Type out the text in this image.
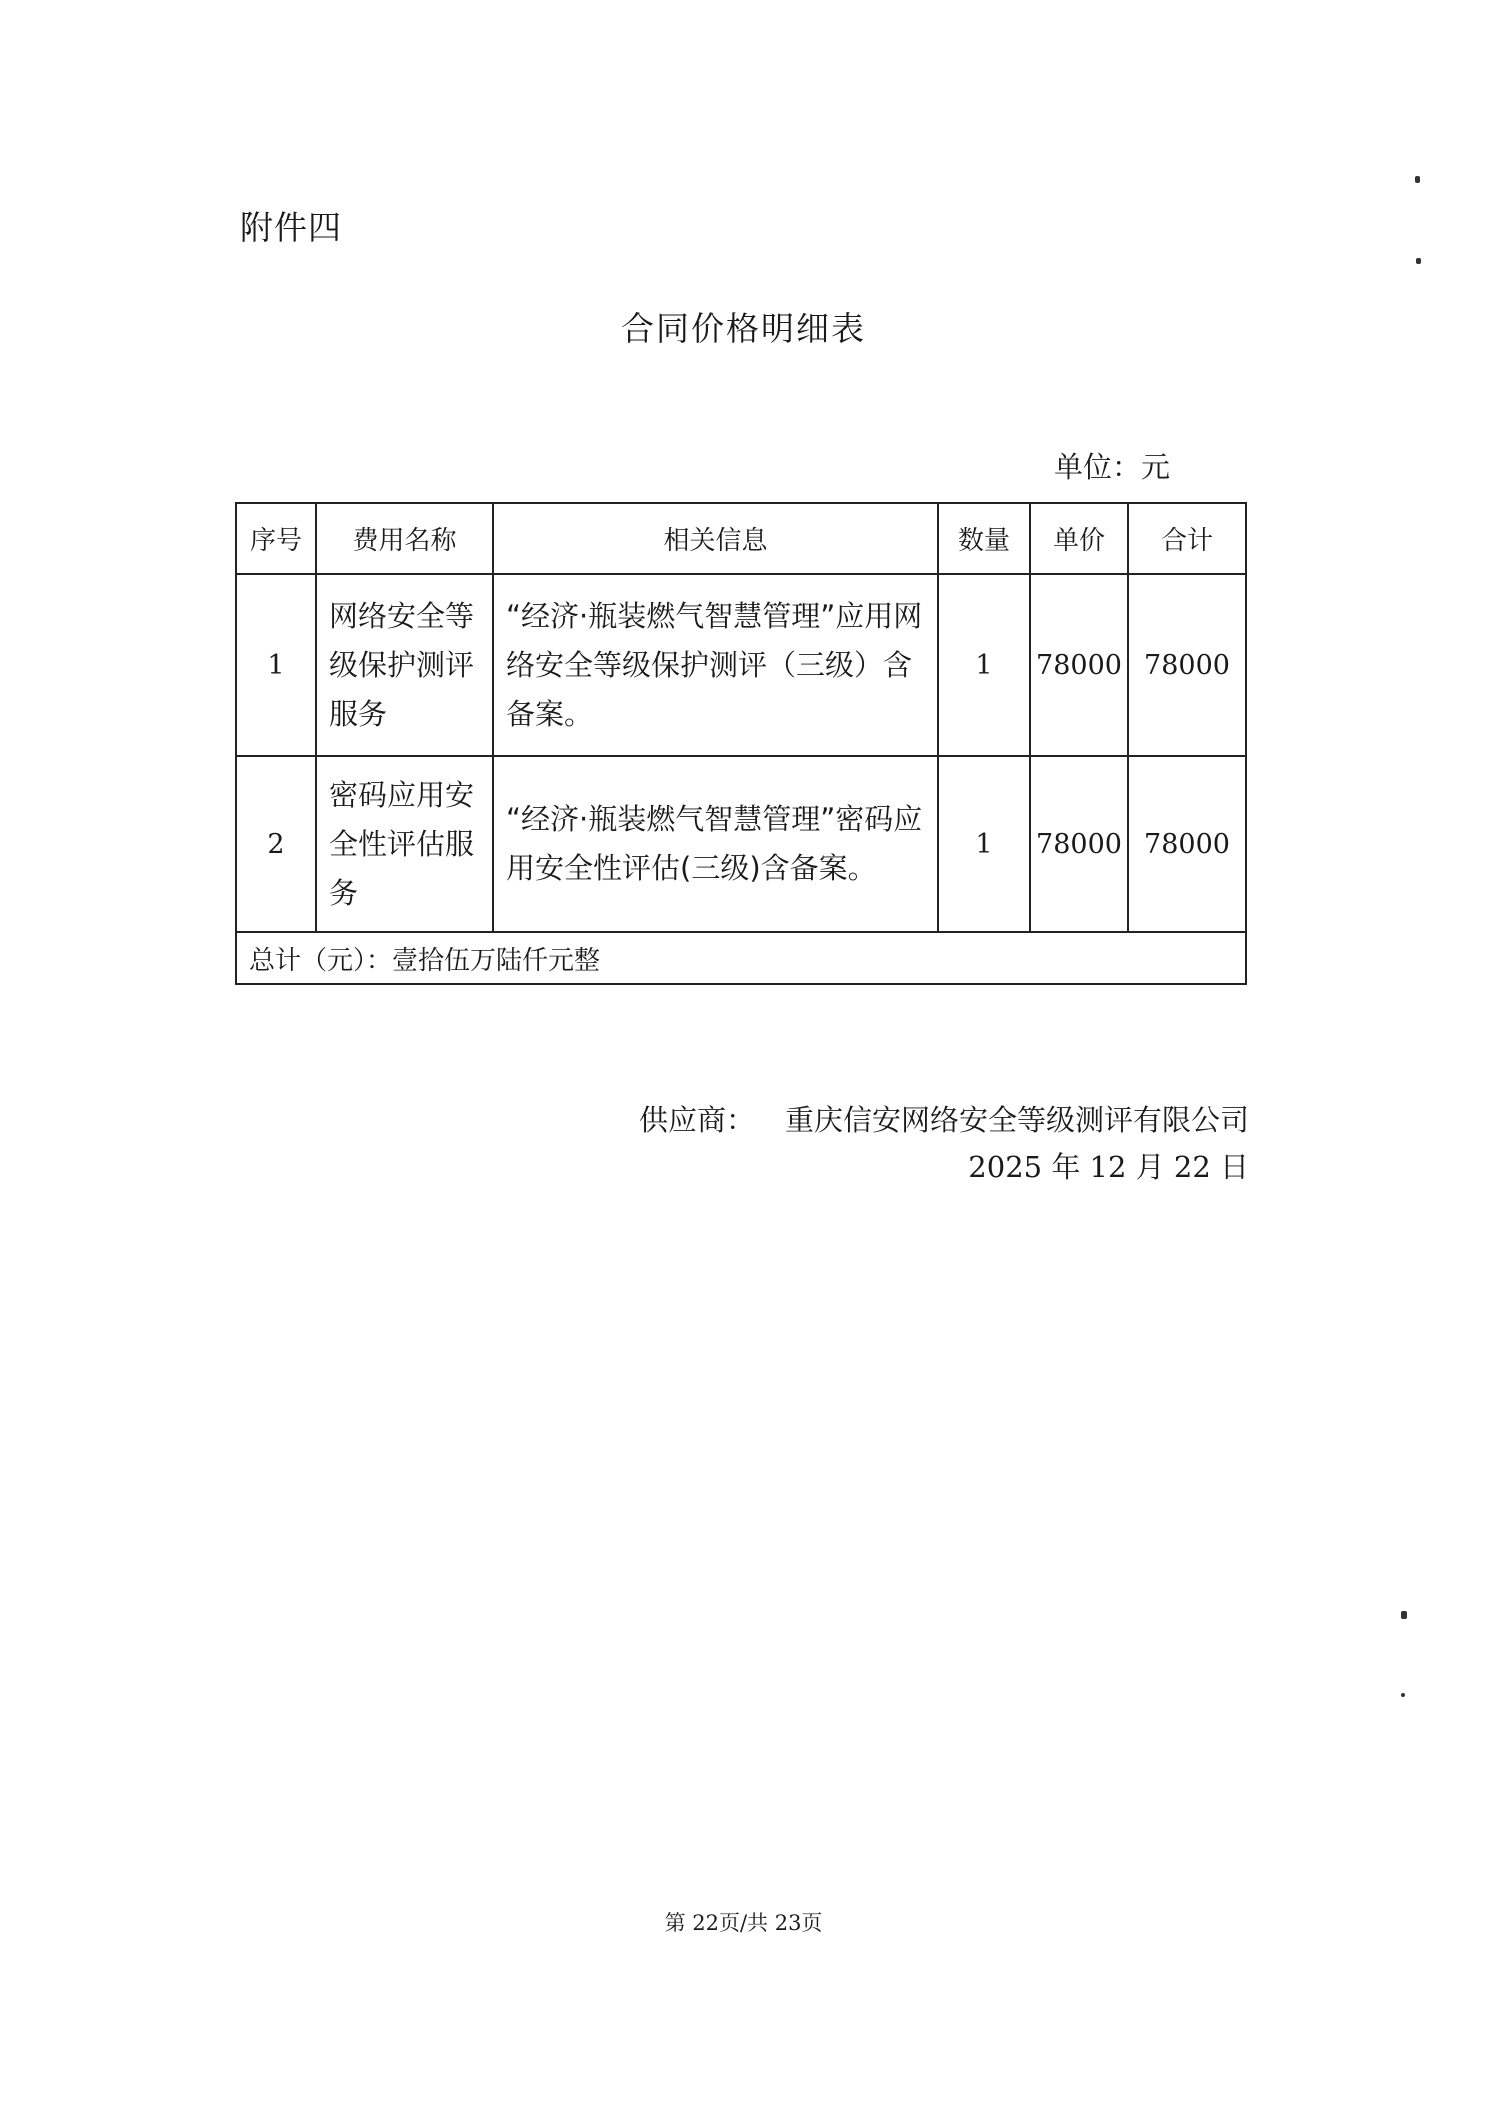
附件四
合同价格明细表
单位：元
序号	费用名称	相关信息	数量	单价	合计
1	网络安全等级保护测评服务	“经济·瓶装燃气智慧管理”应用网络安全等级保护测评（三级）含备案。	1	78000	78000
2	密码应用安全性评估服务	“经济·瓶装燃气智慧管理”密码应用安全性评估(三级)含备案。	1	78000	78000
总计（元）：壹拾伍万陆仟元整					
供应商： 重庆信安网络安全等级测评有限公司
2025 年 12 月 22 日
第 22页/共 23页
